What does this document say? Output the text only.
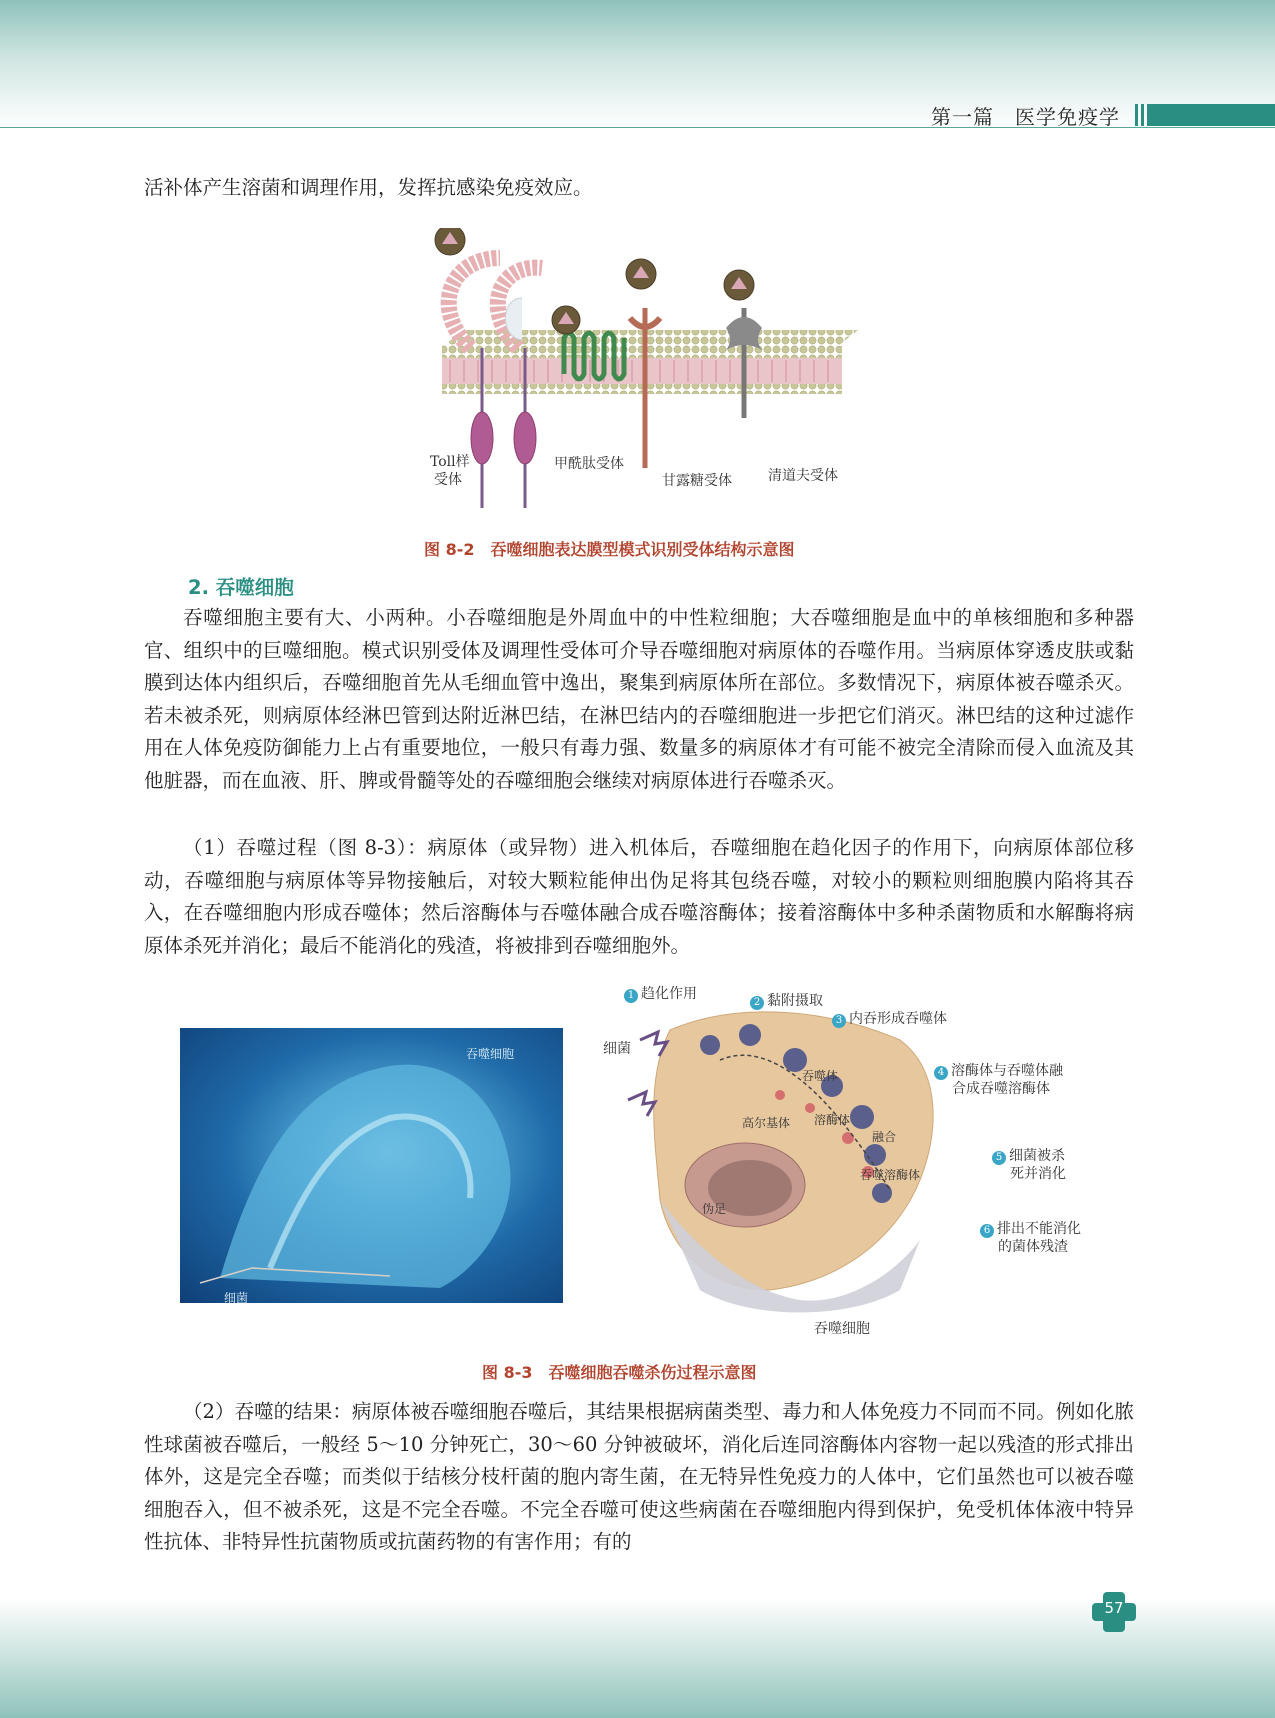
第一篇　医学免疫学

活补体产生溶菌和调理作用，发挥抗感染免疫效应。

Toll样
受体
甲酰肽受体
甘露糖受体	清道夫受体
图 8-2　吞噬细胞表达膜型模式识别受体结构示意图
2. 吞噬细胞

吞噬细胞主要有大、小两种。小吞噬细胞是外周血中的中性粒细胞；大吞噬细胞是血中的单核细胞和多种器官、组织中的巨噬细胞。模式识别受体及调理性受体可介导吞噬细胞对病原体的吞噬作用。当病原体穿透皮肤或黏膜到达体内组织后，吞噬细胞首先从毛细血管中逸出，聚集到病原体所在部位。多数情况下，病原体被吞噬杀灭。若未被杀死，则病原体经淋巴管到达附近淋巴结，在淋巴结内的吞噬细胞进一步把它们消灭。淋巴结的这种过滤作用在人体免疫防御能力上占有重要地位，一般只有毒力强、数量多的病原体才有可能不被完全清除而侵入血流及其他脏器，而在血液、肝、脾或骨髓等处的吞噬细胞会继续对病原体进行吞噬杀灭。

（1）吞噬过程（图 8-3）：病原体（或异物）进入机体后，吞噬细胞在趋化因子的作用下，向病原体部位移动，吞噬细胞与病原体等异物接触后，对较大颗粒能伸出伪足将其包绕吞噬，对较小的颗粒则细胞膜内陷将其吞入，在吞噬细胞内形成吞噬体；然后溶酶体与吞噬体融合成吞噬溶酶体；接着溶酶体中多种杀菌物质和水解酶将病原体杀死并消化；最后不能消化的残渣，将被排到吞噬细胞外。

吞噬细胞
细菌
细菌
吞噬体
高尔基体 溶酶体
融合
吞噬溶酶体
伪足
吞噬细胞
1 趋化作用
2 黏附摄取
3 内吞形成吞噬体
4 溶酶体与吞噬体融
合成吞噬溶酶体
5 细菌被杀
死并消化
6 排出不能消化
的菌体残渣
图 8-3　吞噬细胞吞噬杀伤过程示意图

（2）吞噬的结果：病原体被吞噬细胞吞噬后，其结果根据病菌类型、毒力和人体免疫力不同而不同。例如化脓性球菌被吞噬后，一般经 5～10 分钟死亡，30～60 分钟被破坏，消化后连同溶酶体内容物一起以残渣的形式排出体外，这是完全吞噬；而类似于结核分枝杆菌的胞内寄生菌，在无特异性免疫力的人体中，它们虽然也可以被吞噬细胞吞入，但不被杀死，这是不完全吞噬。不完全吞噬可使这些病菌在吞噬细胞内得到保护，免受机体体液中特异性抗体、非特异性抗菌物质或抗菌药物的有害作用；有的

57
